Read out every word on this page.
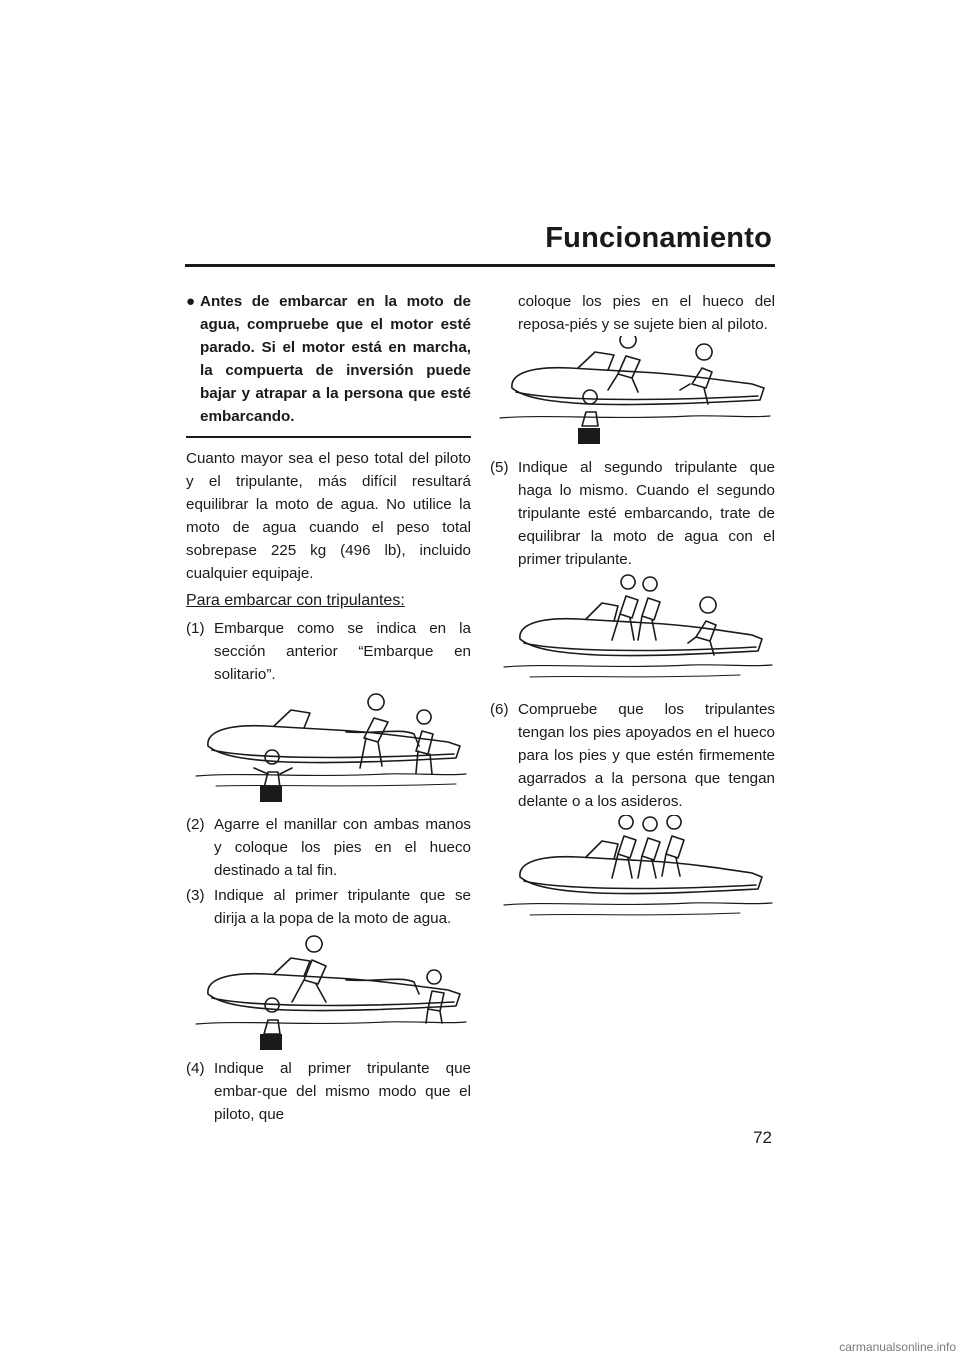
Funcionamiento
● Antes de embarcar en la moto de agua, compruebe que el motor esté parado. Si el motor está en marcha, la compuerta de inversión puede bajar y atrapar a la persona que esté embarcando.

Cuanto mayor sea el peso total del piloto y el tripulante, más difícil resultará equilibrar la moto de agua. No utilice la moto de agua cuando el peso total sobrepase 225 kg (496 lb), incluido cualquier equipaje.

Para embarcar con tripulantes:
(1) Embarque como se indica en la sección anterior “Embarque en solitario”.
(2) Agarre el manillar con ambas manos y coloque los pies en el hueco destinado a tal fin.
(3) Indique al primer tripulante que se dirija a la popa de la moto de agua.
(4) Indique al primer tripulante que embar-que del mismo modo que el piloto, que
coloque los pies en el hueco del reposa-piés y se sujete bien al piloto.
(5) Indique al segundo tripulante que haga lo mismo. Cuando el segundo tripulante esté embarcando, trate de equilibrar la moto de agua con el primer tripulante.
(6) Compruebe que los tripulantes tengan los pies apoyados en el hueco para los pies y que estén firmemente agarrados a la persona que tengan delante o a los asideros.
72
carmanualsonline.info
